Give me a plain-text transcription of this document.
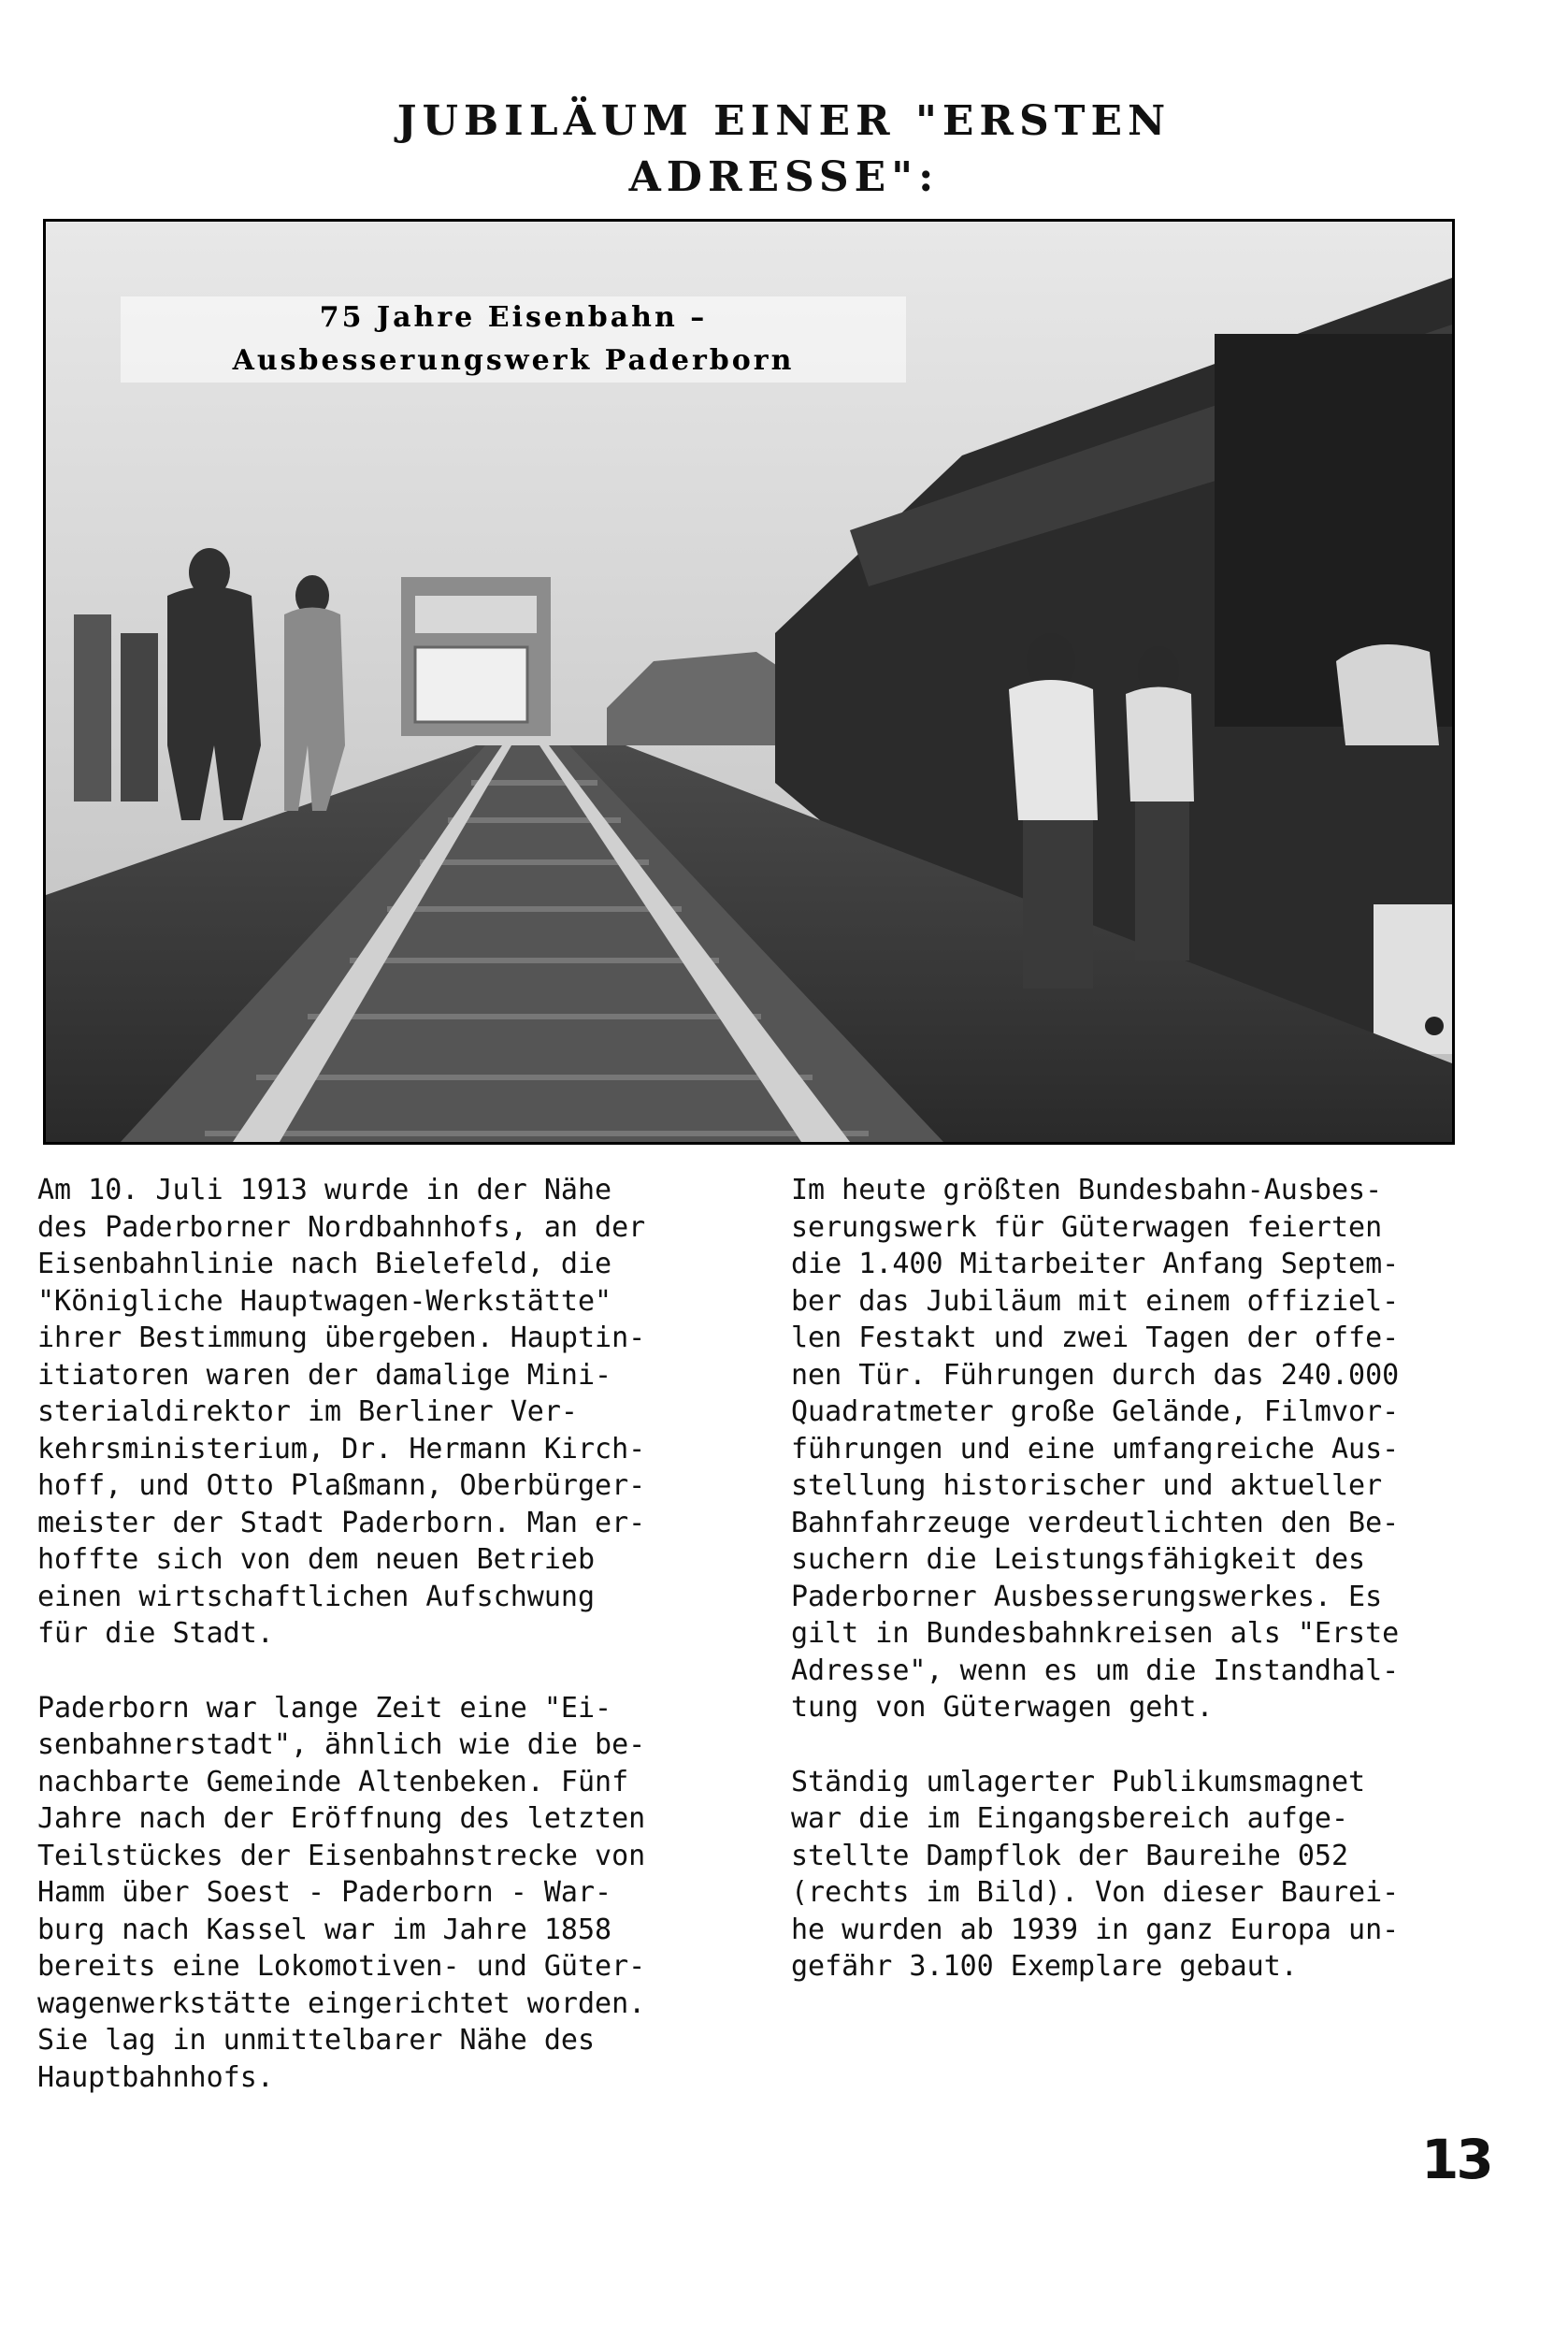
JUBILÄUM EINER "ERSTEN
ADRESSE":
75 Jahre Eisenbahn –
Ausbesserungswerk Paderborn

Am 10. Juli 1913 wurde in der Nähe
des Paderborner Nordbahnhofs, an der
Eisenbahnlinie nach Bielefeld, die
"Königliche Hauptwagen-Werkstätte"
ihrer Bestimmung übergeben. Hauptin-
itiatoren waren der damalige Mini-
sterialdirektor im Berliner Ver-
kehrsministerium, Dr. Hermann Kirch-
hoff, und Otto Plaßmann, Oberbürger-
meister der Stadt Paderborn. Man er-
hoffte sich von dem neuen Betrieb
einen wirtschaftlichen Aufschwung
für die Stadt.

Paderborn war lange Zeit eine "Ei-
senbahnerstadt", ähnlich wie die be-
nachbarte Gemeinde Altenbeken. Fünf
Jahre nach der Eröffnung des letzten
Teilstückes der Eisenbahnstrecke von
Hamm über Soest - Paderborn - War-
burg nach Kassel war im Jahre 1858
bereits eine Lokomotiven- und Güter-
wagenwerkstätte eingerichtet worden.
Sie lag in unmittelbarer Nähe des
Hauptbahnhofs.

Im heute größten Bundesbahn-Ausbes-
serungswerk für Güterwagen feierten
die 1.400 Mitarbeiter Anfang Septem-
ber das Jubiläum mit einem offiziel-
len Festakt und zwei Tagen der offe-
nen Tür. Führungen durch das 240.000
Quadratmeter große Gelände, Filmvor-
führungen und eine umfangreiche Aus-
stellung historischer und aktueller
Bahnfahrzeuge verdeutlichten den Be-
suchern die Leistungsfähigkeit des
Paderborner Ausbesserungswerkes. Es
gilt in Bundesbahnkreisen als "Erste
Adresse", wenn es um die Instandhal-
tung von Güterwagen geht.

Ständig umlagerter Publikumsmagnet
war die im Eingangsbereich aufge-
stellte Dampflok der Baureihe 052
(rechts im Bild). Von dieser Baurei-
he wurden ab 1939 in ganz Europa un-
gefähr 3.100 Exemplare gebaut.

13
